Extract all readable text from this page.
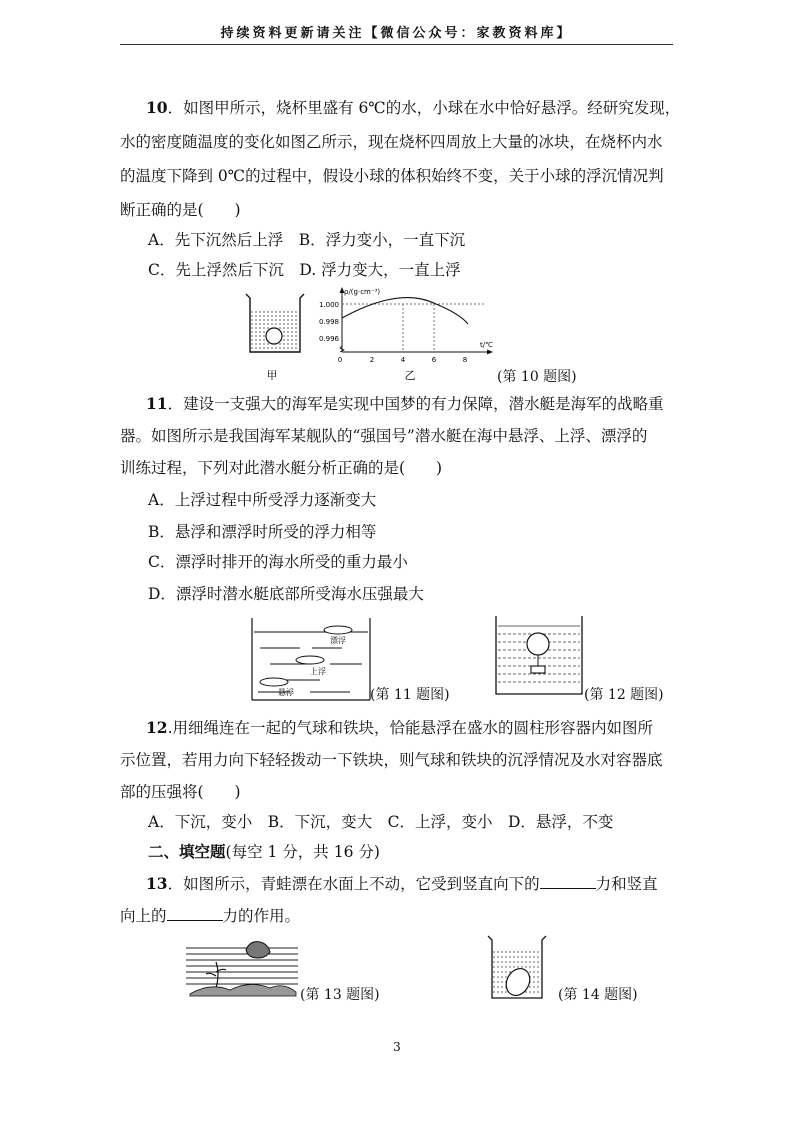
持续资料更新请关注【微信公众号：家教资料库】
10．如图甲所示，烧杯里盛有 6℃的水，小球在水中恰好悬浮。经研究发现，
水的密度随温度的变化如图乙所示，现在烧杯四周放上大量的冰块，在烧杯内水
的温度下降到 0℃的过程中，假设小球的体积始终不变，关于小球的浮沉情况判
断正确的是(　　)
A．先下沉然后上浮　B．浮力变小，一直下沉
C．先上浮然后下沉　D. 浮力变大，一直上浮
甲
ρ/(g·cm⁻³)
t/℃
1.000
0.998
0.996
0	2	4	6	8
乙	(第 10 题图)
11．建设一支强大的海军是实现中国梦的有力保障，潜水艇是海军的战略重
器。如图所示是我国海军某舰队的“强国号”潜水艇在海中悬浮、上浮、漂浮的
训练过程，下列对此潜水艇分析正确的是(　　)
A．上浮过程中所受浮力逐渐变大
B．悬浮和漂浮时所受的浮力相等
C．漂浮时排开的海水所受的重力最小
D．漂浮时潜水艇底部所受海水压强最大
漂浮
上浮
悬浮	(第 11 题图)	(第 12 题图)
12.用细绳连在一起的气球和铁块，恰能悬浮在盛水的圆柱形容器内如图所
示位置，若用力向下轻轻拨动一下铁块，则气球和铁块的沉浮情况及水对容器底
部的压强将(　　)
A．下沉，变小　B．下沉，变大　C．上浮，变小　D．悬浮，不变
二、填空题(每空 1 分，共 16 分)
13．如图所示，青蛙漂在水面上不动，它受到竖直向下的	力和竖直
向上的	力的作用。
(第 13 题图)	(第 14 题图)
3
